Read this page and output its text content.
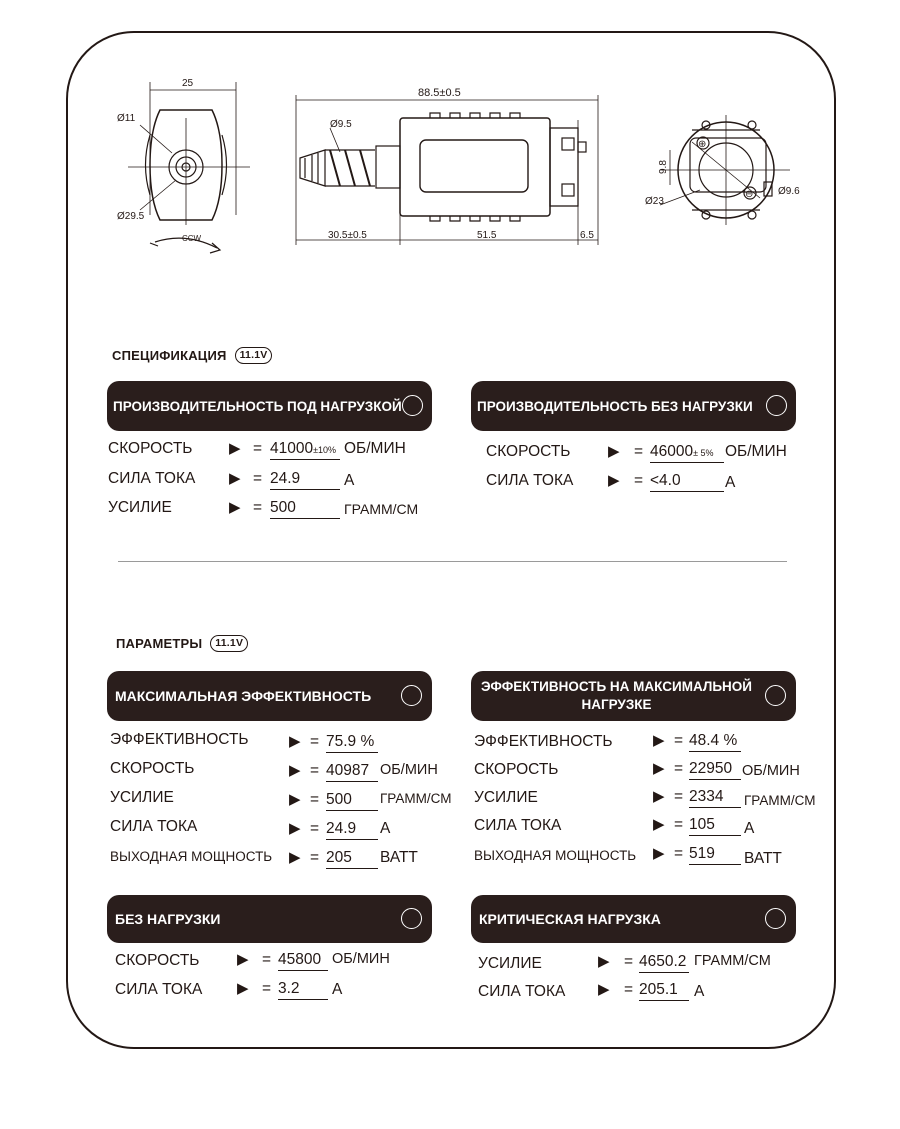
25
Ø11
Ø29.5
CCW
88.5±0.5
Ø9.5
30.5±0.5	51.5	6.5
9.8
Ø23
Ø9.6
⊕
⊖
СПЕЦИФИКАЦИЯ	11.1V
ПРОИЗВОДИТЕЛЬНОСТЬ ПОД НАГРУЗКОЙ	ПРОИЗВОДИТЕЛЬНОСТЬ БЕЗ НАГРУЗКИ
СКОРОСТЬ ▶ = 41000±10% ОБ/МИН
СИЛА ТОКА ▶ = 24.9	A
УСИЛИЕ	▶ = 500	ГРАММ/СМ
СКОРОСТЬ	▶ = 46000± 5% ОБ/МИН
СИЛА ТОКА ▶ = <4.0	A
ПАРАМЕТРЫ	11.1V
МАКСИМАЛЬНАЯ ЭФФЕКТИВНОСТЬ
ЭФФЕКТИВНОСТЬ НА МАКСИМАЛЬНОЙ
НАГРУЗКЕ
ЭФФЕКТИВНОСТЬ	▶ = 75.9 %
СКОРОСТЬ	▶ = 40987 ОБ/МИН
УСИЛИЕ	▶ = 500	ГРАММ/СМ
СИЛА ТОКА	▶ = 24.9	A
ВЫХОДНАЯ МОЩНОСТЬ ▶ = 205	ВАТТ
ЭФФЕКТИВНОСТЬ	▶ = 48.4 %
СКОРОСТЬ	▶ = 22950 ОБ/МИН
УСИЛИЕ	▶ = 2334	ГРАММ/СМ
СИЛА ТОКА	▶ = 105	A
ВЫХОДНАЯ МОЩНОСТЬ ▶ = 519	ВАТТ
БЕЗ НАГРУЗКИ	КРИТИЧЕСКАЯ НАГРУЗКА
СКОРОСТЬ	▶ = 45800 ОБ/МИН
СИЛА ТОКА ▶ = 3.2	A
УСИЛИЕ	▶ = 4650.2 ГРАММ/СМ
СИЛА ТОКА ▶ = 205.1	A
